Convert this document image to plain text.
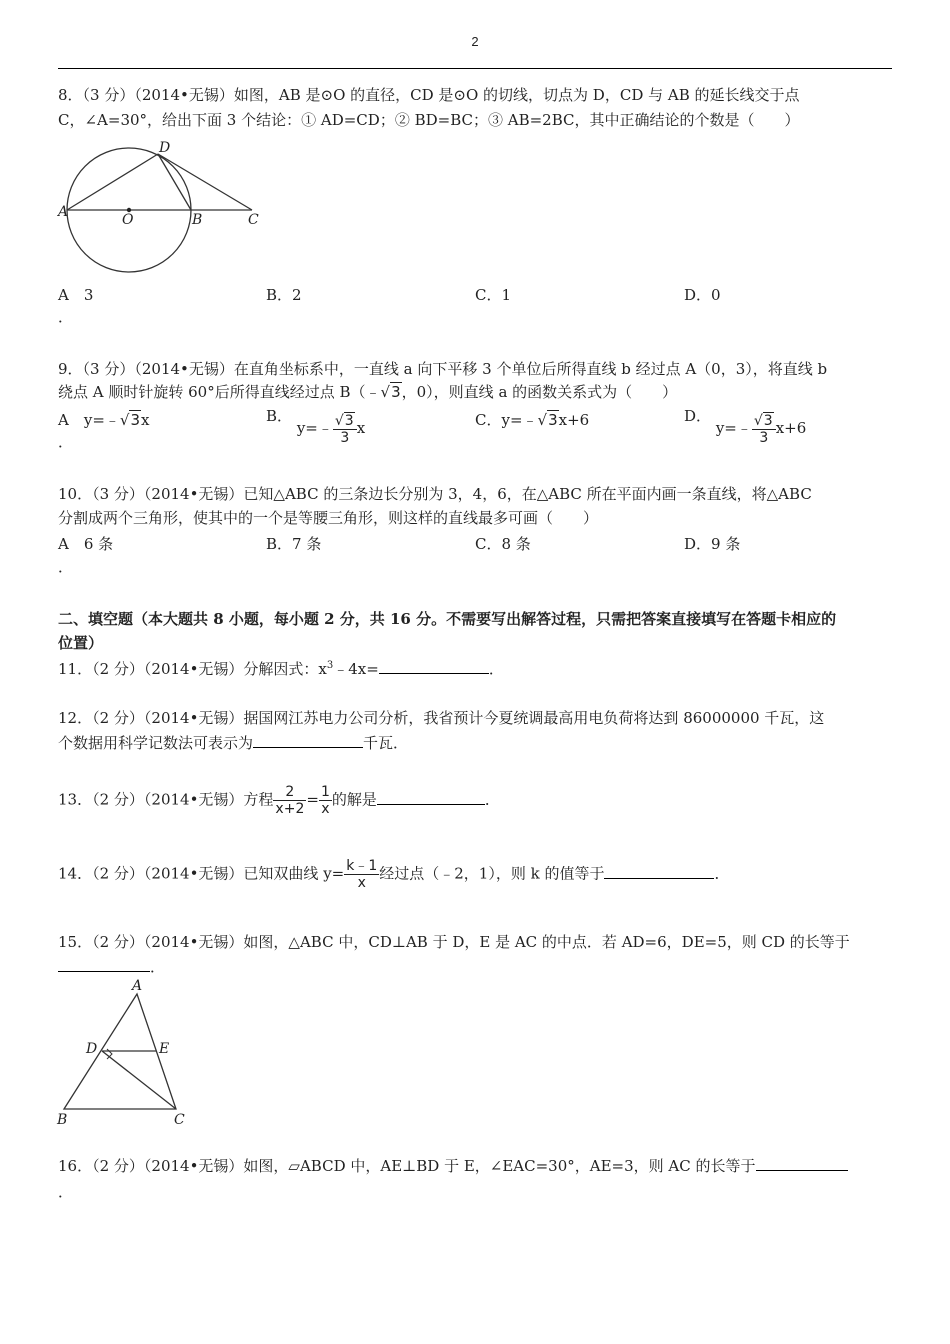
2
8．（3 分）（2014•无锡）如图，AB 是⊙O 的直径，CD 是⊙O 的切线，切点为 D，CD 与 AB 的延长线交于点
C，∠A=30°，给出下面 3 个结论：① AD=CD；② BD=BC；③ AB=2BC，其中正确结论的个数是（　　）
A	O	B	C
D
A　3	B．2	C．1	D．0
．
9．（3 分）（2014•无锡）在直角坐标系中，一直线 a 向下平移 3 个单位后所得直线 b 经过点 A（0，3），将直线 b
绕点 A 顺时针旋转 60°后所得直线经过点 B（﹣√3，0），则直线 a 的函数关系式为（　　）
A　 y=﹣√3x
．
B． y=﹣ $\frac{√3}{3}$ x	C．y=﹣√3x+6	D． y=﹣ $\frac{√3}{3} x+6$
10．（3 分）（2014•无锡）已知△ABC 的三条边长分别为 3，4，6，在△ABC 所在平面内画一条直线，将△ABC
分割成两个三角形，使其中的一个是等腰三角形，则这样的直线最多可画（　　）
A　6 条	B．7 条	C．8 条	D．9 条
．
二、填空题（本大题共 8 小题，每小题 2 分，共 16 分。不需要写出解答过程，只需把答案直接填写在答题卡相应的
位置）
11．（2 分）（2014•无锡）分解因式：$x^3﹣4x=$	．
12．（2 分）（2014•无锡）据国网江苏电力公司分析，我省预计今夏统调最高用电负荷将达到 86000000 千瓦，这
个数据用科学记数法可表示为	千瓦．
13．（2 分）（2014•无锡）方程 $\frac{2}{x+2} = \frac{1}{x}$ 的解是	．
14．（2 分）（2014•无锡）已知双曲线 $y= \frac{k﹣1}{x}$ 经过点（﹣2，1），则 k 的值等于	．
15．（2 分）（2014•无锡）如图，△ABC 中，CD⊥AB 于 D，E 是 AC 的中点．若 AD=6，DE=5，则 CD 的长等于
．
A
D	E
B	C
16．（2 分）（2014•无锡）如图，▱ABCD 中，AE⊥BD 于 E，∠EAC=30°，AE=3，则 AC 的长等于
．
